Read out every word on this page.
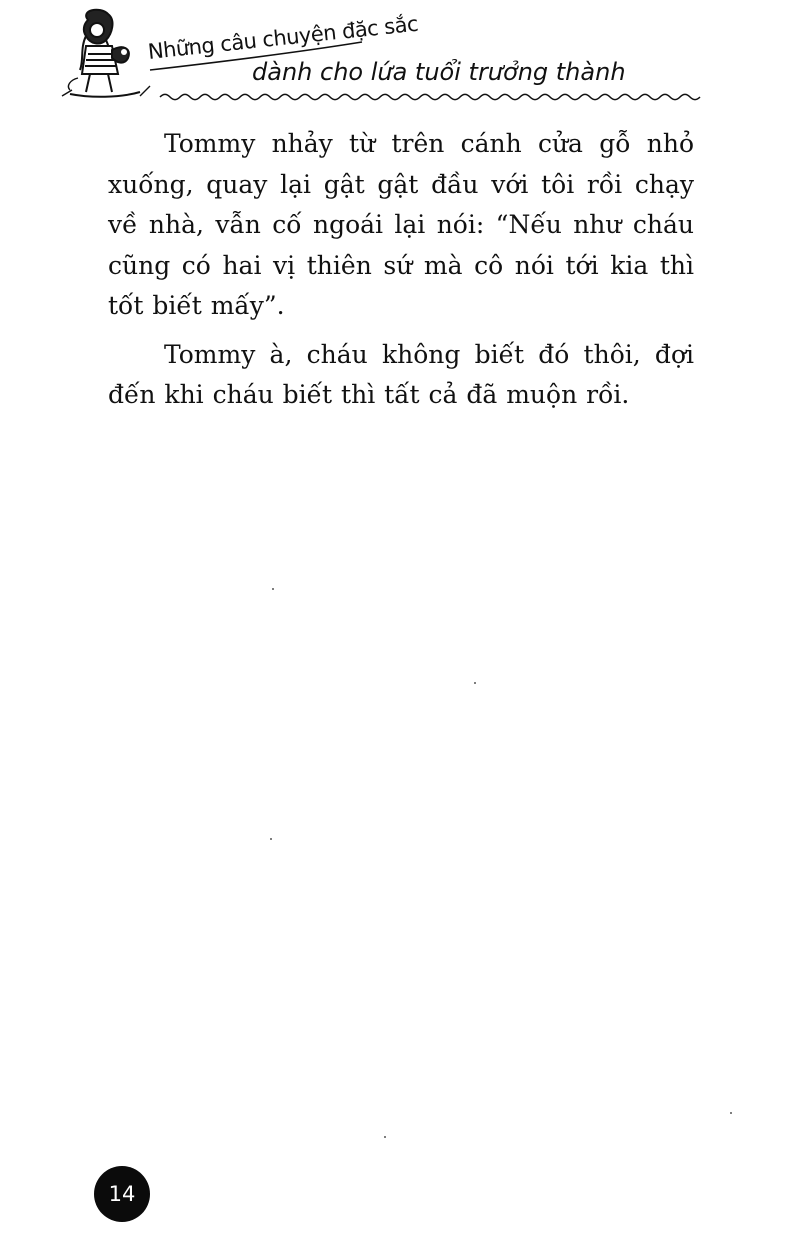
Những câu chuyện đặc sắc
dành cho lứa tuổi trưởng thành

Tommy nhảy từ trên cánh cửa gỗ nhỏ xuống, quay lại gật gật đầu với tôi rồi chạy về nhà, vẫn cố ngoái lại nói: “Nếu như cháu cũng có hai vị thiên sứ mà cô nói tới kia thì tốt biết mấy”.

Tommy à, cháu không biết đó thôi, đợi đến khi cháu biết thì tất cả đã muộn rồi.

14
